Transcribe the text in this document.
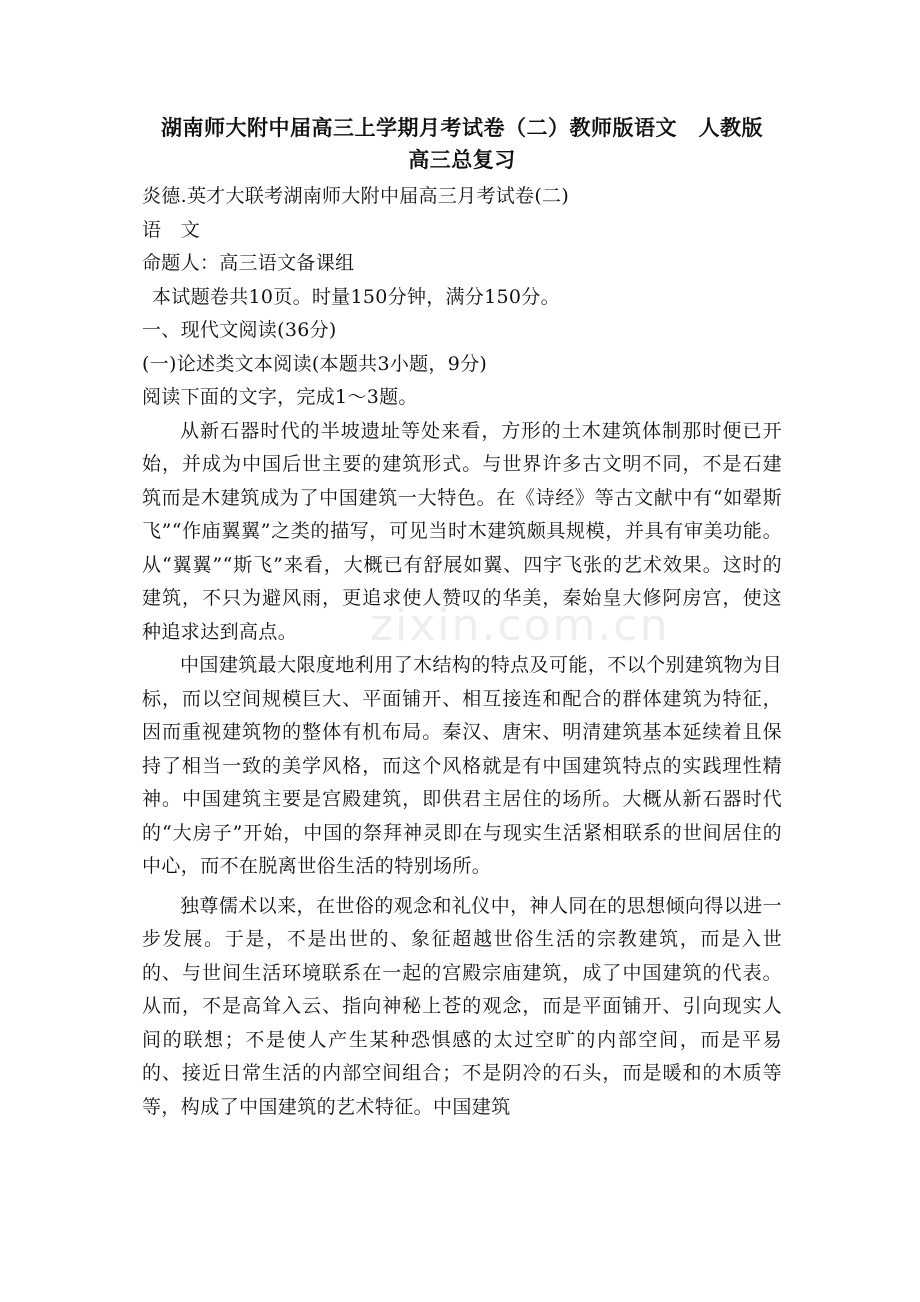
湖南师大附中届高三上学期月考试卷（二）教师版语文　人教版
高三总复习

炎德.英才大联考湖南师大附中届高三月考试卷(二)

语　文

命题人：高三语文备课组

本试题卷共10页。时量150分钟，满分150分。

一、现代文阅读(36分)

(一)论述类文本阅读(本题共3小题，9分)

阅读下面的文字，完成1～3题。

从新石器时代的半坡遗址等处来看，方形的土木建筑体制那时便已开始，并成为中国后世主要的建筑形式。与世界许多古文明不同，不是石建筑而是木建筑成为了中国建筑一大特色。在《诗经》等古文献中有“如翚斯飞”“作庙翼翼”之类的描写，可见当时木建筑颇具规模，并具有审美功能。从“翼翼”“斯飞”来看，大概已有舒展如翼、四宇飞张的艺术效果。这时的建筑，不只为避风雨，更追求使人赞叹的华美，秦始皇大修阿房宫，使这种追求达到高点。

中国建筑最大限度地利用了木结构的特点及可能，不以个别建筑物为目标，而以空间规模巨大、平面铺开、相互接连和配合的群体建筑为特征，因而重视建筑物的整体有机布局。秦汉、唐宋、明清建筑基本延续着且保持了相当一致的美学风格，而这个风格就是有中国建筑特点的实践理性精神。中国建筑主要是宫殿建筑，即供君主居住的场所。大概从新石器时代的“大房子”开始，中国的祭拜神灵即在与现实生活紧相联系的世间居住的中心，而不在脱离世俗生活的特别场所。

独尊儒术以来，在世俗的观念和礼仪中，神人同在的思想倾向得以进一步发展。于是，不是出世的、象征超越世俗生活的宗教建筑，而是入世的、与世间生活环境联系在一起的宫殿宗庙建筑，成了中国建筑的代表。从而，不是高耸入云、指向神秘上苍的观念，而是平面铺开、引向现实人间的联想；不是使人产生某种恐惧感的太过空旷的内部空间，而是平易的、接近日常生活的内部空间组合；不是阴冷的石头，而是暖和的木质等等，构成了中国建筑的艺术特征。中国建筑

zixin.com.cn
